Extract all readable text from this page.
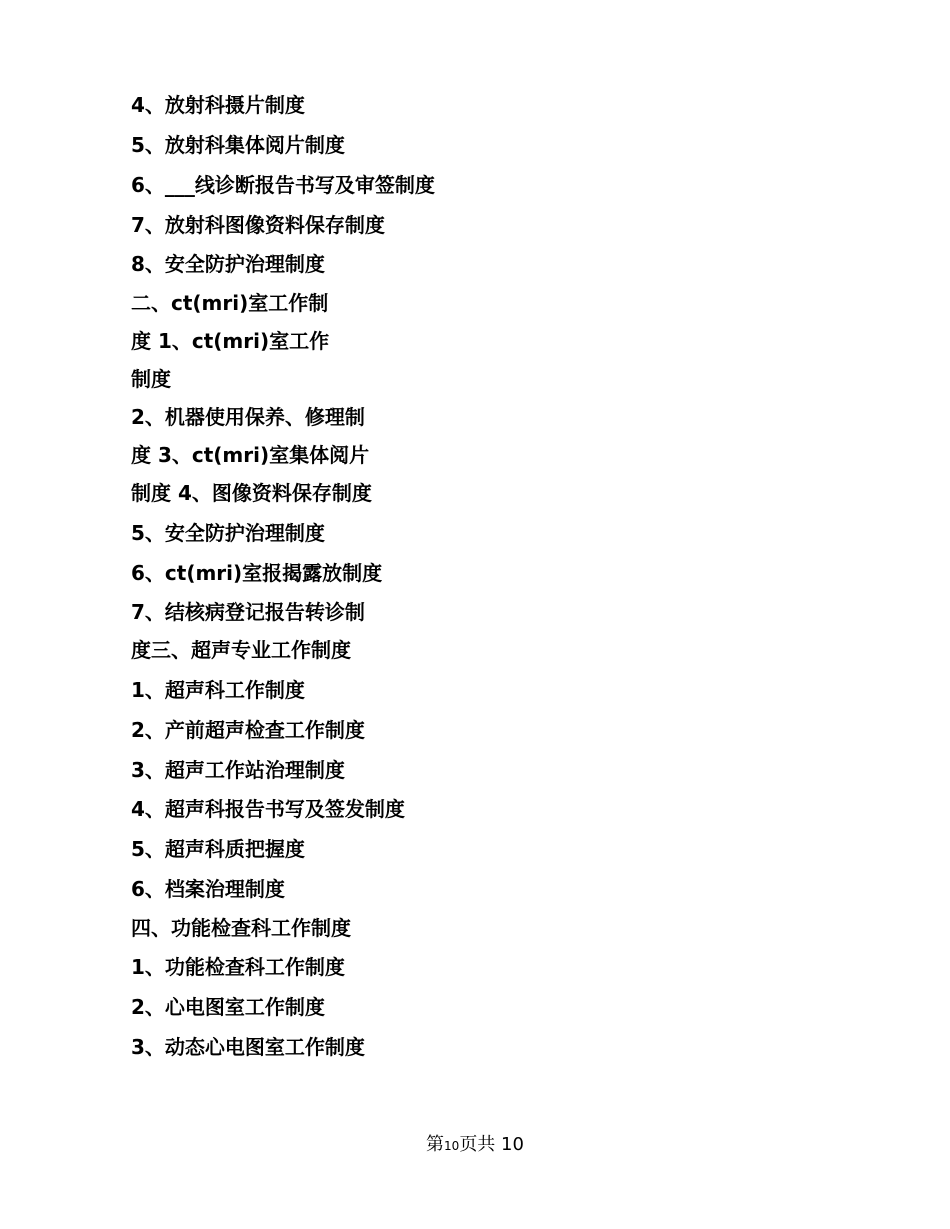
4、放射科摄片制度

5、放射科集体阅片制度

6、___线诊断报告书写及审签制度

7、放射科图像资料保存制度

8、安全防护治理制度

二、ct(mri)室工作制

度 1、ct(mri)室工作

制度

2、机器使用保养、修理制

度 3、ct(mri)室集体阅片

制度 4、图像资料保存制度

5、安全防护治理制度

6、ct(mri)室报揭露放制度

7、结核病登记报告转诊制

度三、超声专业工作制度

1、超声科工作制度

2、产前超声检查工作制度

3、超声工作站治理制度

4、超声科报告书写及签发制度

5、超声科质把握度

6、档案治理制度

四、功能检查科工作制度

1、功能检查科工作制度

2、心电图室工作制度

3、动态心电图室工作制度

第10页共 10
